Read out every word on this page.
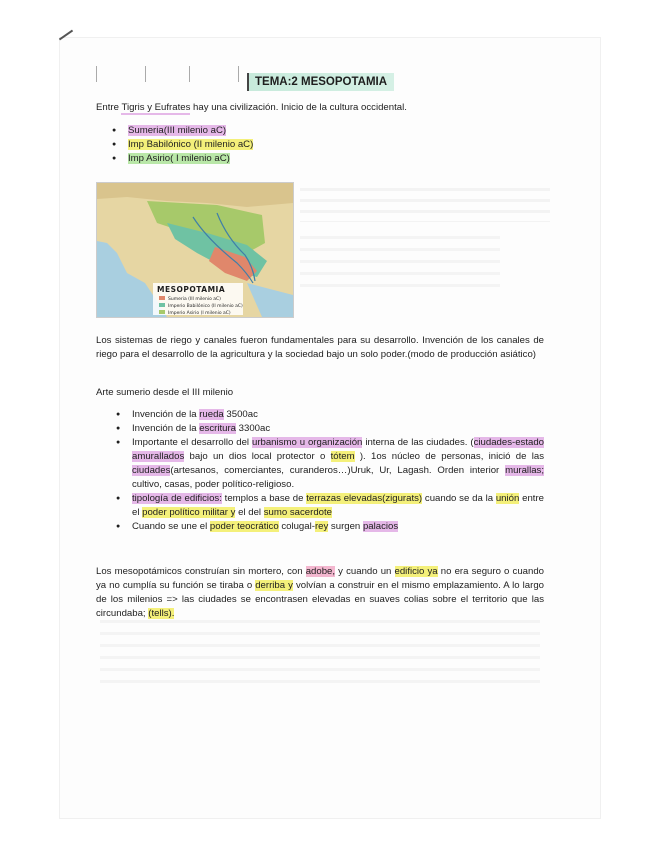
TEMA:2 MESOPOTAMIA
Entre Tigris y Eufrates hay una civilización. Inicio de la cultura occidental.
● Sumeria(III milenio aC)
● Imp Babilónico (II milenio aC)
● Imp Asirio( I milenio aC)
MESOPOTAMIA
Sumeria (III milenio aC)
Imperio Babilónico (II milenio aC)
Imperio Asirio (I milenio aC)
Los sistemas de riego y canales fueron fundamentales para su desarrollo. Invención de los canales de riego para el desarrollo de la agricultura y la sociedad bajo un solo poder.(modo de producción asiático)
Arte sumerio desde el III milenio
● Invención de la rueda 3500ac
● Invención de la escritura 3300ac
● Importante el desarrollo del urbanismo u organización interna de las ciudades. (ciudades-estado amurallados bajo un dios local protector o tótem ). 1os núcleo de personas, inició de las ciudades(artesanos, comerciantes, curanderos…)Uruk, Ur, Lagash. Orden interior murallas; cultivo, casas, poder político-religioso.
● tipología de edificios: templos a base de terrazas elevadas(zigurats) cuando se da la unión entre el poder político militar y el del sumo sacerdote
● Cuando se une el poder teocrático colugal-rey surgen palacios
Los mesopotámicos construían sin mortero, con adobe, y cuando un edificio ya no era seguro o cuando ya no cumplía su función se tiraba o derriba y volvían a construir en el mismo emplazamiento. A lo largo de los milenios => las ciudades se encontrasen elevadas en suaves colias sobre el territorio que las circundaba; (tells).
